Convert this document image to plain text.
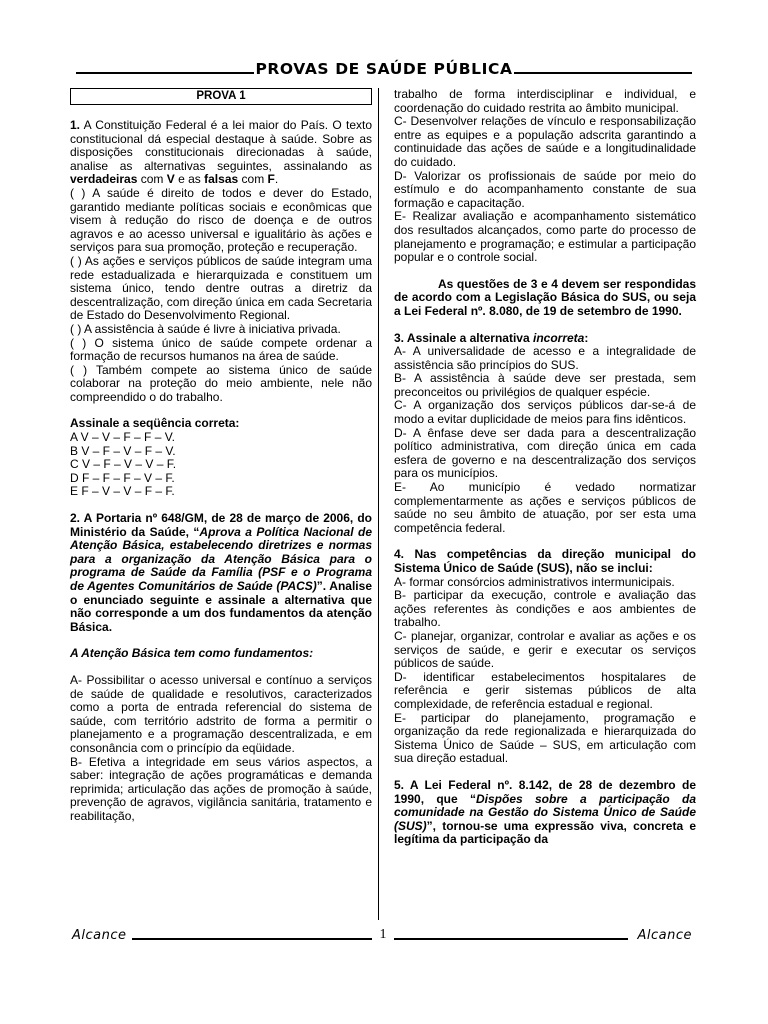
PROVAS DE SAÚDE PÚBLICA
PROVA 1

1. A Constituição Federal é a lei maior do País. O texto constitucional dá especial destaque à saúde. Sobre as disposições constitucionais direcionadas à saúde, analise as alternativas seguintes, assinalando as verdadeiras com V e as falsas com F.

( ) A saúde é direito de todos e dever do Estado, garantido mediante políticas sociais e econômicas que visem à redução do risco de doença e de outros agravos e ao acesso universal e igualitário às ações e serviços para sua promoção, proteção e recuperação.

( ) As ações e serviços públicos de saúde integram uma rede estadualizada e hierarquizada e constituem um sistema único, tendo dentre outras a diretriz da descentralização, com direção única em cada Secretaria de Estado do Desenvolvimento Regional.

( ) A assistência à saúde é livre à iniciativa privada.

( ) O sistema único de saúde compete ordenar a formação de recursos humanos na área de saúde.

( ) Também compete ao sistema único de saúde colaborar na proteção do meio ambiente, nele não compreendido o do trabalho.

Assinale a seqüência correta:

A V – V – F – F – V.

B V – F – V – F – V.

C V – F – V – V – F.

D F – F – F – V – F.

E F – V – V – F – F.

2. A Portaria nº 648/GM, de 28 de março de 2006, do Ministério da Saúde, “Aprova a Política Nacional de Atenção Básica, estabelecendo diretrizes e normas para a organização da Atenção Básica para o programa de Saúde da Família (PSF e o Programa de Agentes Comunitários de Saúde (PACS)”. Analise o enunciado seguinte e assinale a alternativa que não corresponde a um dos fundamentos da atenção Básica.

A Atenção Básica tem como fundamentos:

A- Possibilitar o acesso universal e contínuo a serviços de saúde de qualidade e resolutivos, caracterizados como a porta de entrada referencial do sistema de saúde, com território adstrito de forma a permitir o planejamento e a programação descentralizada, e em consonância com o princípio da eqüidade.

B- Efetiva a integridade em seus vários aspectos, a saber: integração de ações programáticas e demanda reprimida; articulação das ações de promoção à saúde, prevenção de agravos, vigilância sanitária, tratamento e reabilitação,

trabalho de forma interdisciplinar e individual, e coordenação do cuidado restrita ao âmbito municipal.

C- Desenvolver relações de vínculo e responsabilização entre as equipes e a população adscrita garantindo a continuidade das ações de saúde e a longitudinalidade do cuidado.

D- Valorizar os profissionais de saúde por meio do estímulo e do acompanhamento constante de sua formação e capacitação.

E- Realizar avaliação e acompanhamento sistemático dos resultados alcançados, como parte do processo de planejamento e programação; e estimular a participação popular e o controle social.

As questões de 3 e 4 devem ser respondidas de acordo com a Legislação Básica do SUS, ou seja a Lei Federal nº. 8.080, de 19 de setembro de 1990.

3. Assinale a alternativa incorreta:

A- A universalidade de acesso e a integralidade de assistência são princípios do SUS.

B- A assistência à saúde deve ser prestada, sem preconceitos ou privilégios de qualquer espécie.

C- A organização dos serviços públicos dar-se-á de modo a evitar duplicidade de meios para fins idênticos.

D- A ênfase deve ser dada para a descentralização político administrativa, com direção única em cada esfera de governo e na descentralização dos serviços para os municípios.

E- Ao município é vedado normatizar complementarmente as ações e serviços públicos de saúde no seu âmbito de atuação, por ser esta uma competência federal.

4. Nas competências da direção municipal do Sistema Único de Saúde (SUS), não se inclui:

A- formar consórcios administrativos intermunicipais.

B- participar da execução, controle e avaliação das ações referentes às condições e aos ambientes de trabalho.

C- planejar, organizar, controlar e avaliar as ações e os serviços de saúde, e gerir e executar os serviços públicos de saúde.

D- identificar estabelecimentos hospitalares de referência e gerir sistemas públicos de alta complexidade, de referência estadual e regional.

E- participar do planejamento, programação e organização da rede regionalizada e hierarquizada do Sistema Único de Saúde – SUS, em articulação com sua direção estadual.

5. A Lei Federal nº. 8.142, de 28 de dezembro de 1990, que “Dispões sobre a participação da comunidade na Gestão do Sistema Único de Saúde (SUS)”, tornou-se uma expressão viva, concreta e legítima da participação da

Alcance	1	Alcance
